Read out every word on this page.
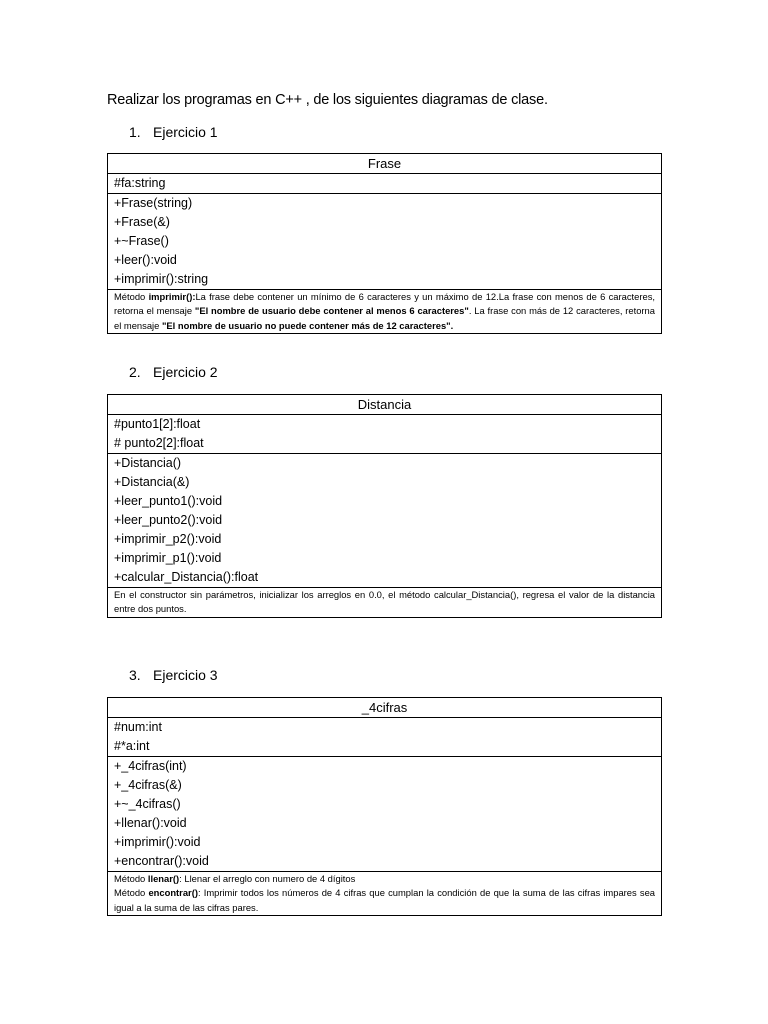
Realizar los programas en C++ , de los siguientes diagramas de clase.
1. Ejercicio 1
Frase

#fa:string

+Frase(string)
+Frase(&)
+~Frase()
+leer():void
+imprimir():string

Método imprimir():La frase debe contener un mínimo de 6 caracteres y un máximo de 12.La frase con menos de 6 caracteres, retorna el mensaje "El nombre de usuario debe contener al menos 6 caracteres". La frase con más de 12 caracteres, retorna el mensaje "El nombre de usuario no puede contener más de 12 caracteres".

2. Ejercicio 2
Distancia

#punto1[2]:float
# punto2[2]:float

+Distancia()
+Distancia(&)
+leer_punto1():void
+leer_punto2():void
+imprimir_p2():void
+imprimir_p1():void
+calcular_Distancia():float

En el constructor sin parámetros, inicializar los arreglos en 0.0, el método calcular_Distancia(), regresa el valor de la distancia entre dos puntos.

3. Ejercicio 3
_4cifras

#num:int
#*a:int

+_4cifras(int)
+_4cifras(&)
+~_4cifras()
+llenar():void
+imprimir():void
+encontrar():void

Método llenar(): Llenar el arreglo con numero de 4 dígitos

Método encontrar(): Imprimir todos los números de 4 cifras que cumplan la condición de que la suma de las cifras impares sea igual a la suma de las cifras pares.
